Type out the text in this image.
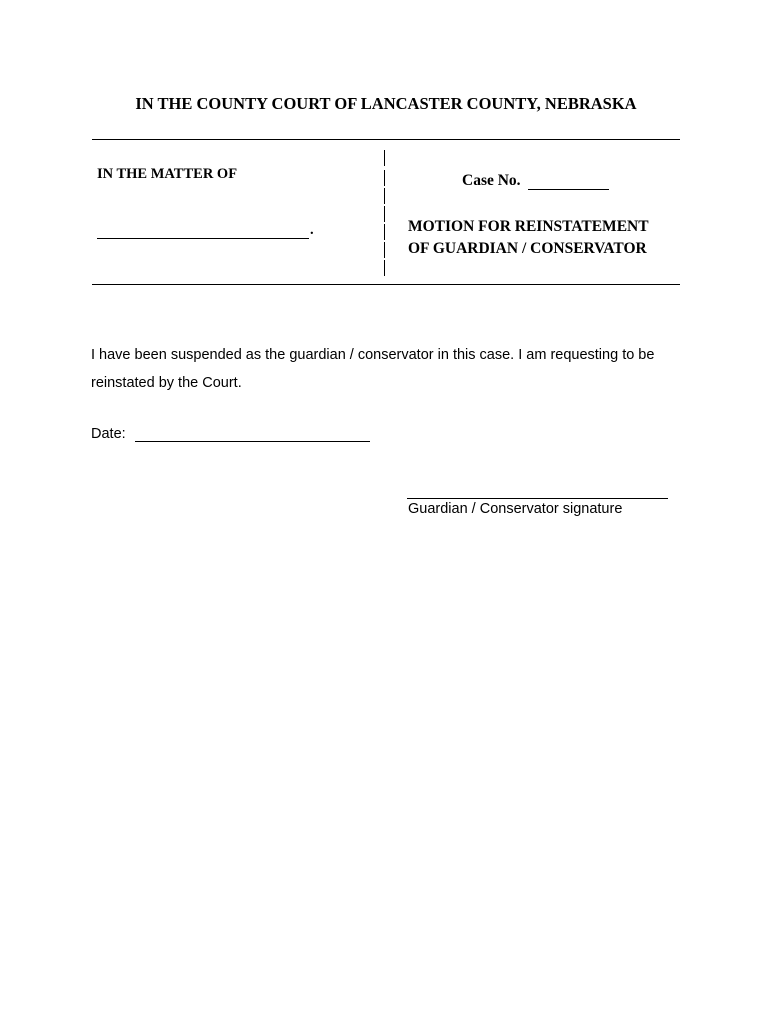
IN THE COUNTY COURT OF LANCASTER COUNTY, NEBRASKA
IN THE MATTER OF
.
Case No.
MOTION FOR REINSTATEMENT
OF GUARDIAN / CONSERVATOR
I have been suspended as the guardian / conservator in this case. I am requesting to be reinstated by the Court.
Date:
Guardian / Conservator signature
